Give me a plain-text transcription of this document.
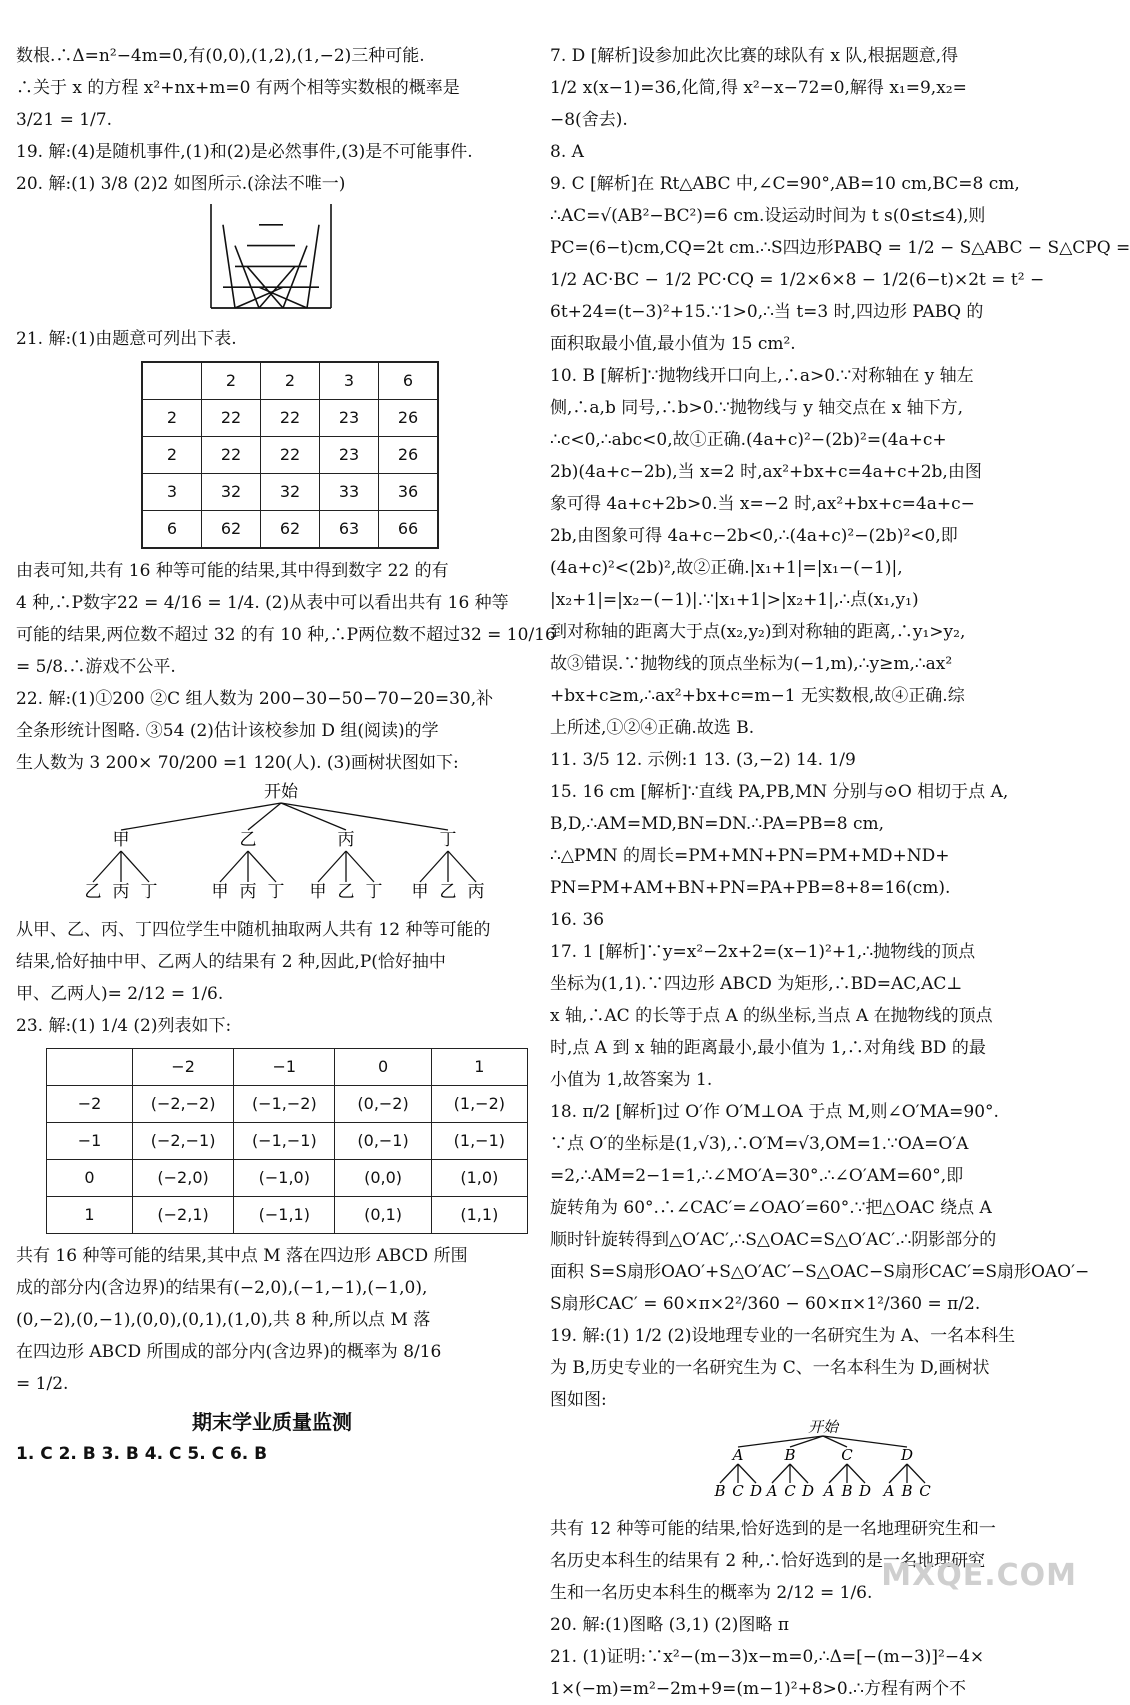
数根.∴Δ=n²−4m=0,有(0,0),(1,2),(1,−2)三种可能.
∴关于 x 的方程 x²+nx+m=0 有两个相等实数根的概率是
3/21 = 1/7.
19. 解:(4)是随机事件,(1)和(2)是必然事件,(3)是不可能事件.
20. 解:(1) 3/8 (2)2 如图所示.(涂法不唯一)
21. 解:(1)由题意可列出下表.
	2	2	3	6
2	22	22	23	26
2	22	22	23	26
3	32	32	33	36
6	62	62	63	66
由表可知,共有 16 种等可能的结果,其中得到数字 22 的有
4 种,∴P数字22 = 4/16 = 1/4. (2)从表中可以看出共有 16 种等
可能的结果,两位数不超过 32 的有 10 种,∴P两位数不超过32 = 10/16
= 5/8.∴游戏不公平.
22. 解:(1)①200 ②C 组人数为 200−30−50−70−20=30,补
全条形统计图略. ③54 (2)估计该校参加 D 组(阅读)的学
生人数为 3 200× 70/200 =1 120(人). (3)画树状图如下:
开始
甲
乙 丙 丁
乙
甲 丙 丁
丙
甲 乙 丁
丁
甲 乙 丙
从甲、乙、丙、丁四位学生中随机抽取两人共有 12 种等可能的
结果,恰好抽中甲、乙两人的结果有 2 种,因此,P(恰好抽中
甲、乙两人)= 2/12 = 1/6.
23. 解:(1) 1/4 (2)列表如下:
	−2	−1	0	1
−2	(−2,−2)	(−1,−2)	(0,−2)	(1,−2)
−1	(−2,−1)	(−1,−1)	(0,−1)	(1,−1)
0	(−2,0)	(−1,0)	(0,0)	(1,0)
1	(−2,1)	(−1,1)	(0,1)	(1,1)
共有 16 种等可能的结果,其中点 M 落在四边形 ABCD 所围
成的部分内(含边界)的结果有(−2,0),(−1,−1),(−1,0),
(0,−2),(0,−1),(0,0),(0,1),(1,0),共 8 种,所以点 M 落
在四边形 ABCD 所围成的部分内(含边界)的概率为 8/16
= 1/2.
期末学业质量监测
1. C 2. B 3. B 4. C 5. C 6. B
7. D [解析]设参加此次比赛的球队有 x 队,根据题意,得
1/2 x(x−1)=36,化简,得 x²−x−72=0,解得 x₁=9,x₂=
−8(舍去).
8. A
9. C [解析]在 Rt△ABC 中,∠C=90°,AB=10 cm,BC=8 cm,
∴AC=√(AB²−BC²)=6 cm.设运动时间为 t s(0≤t≤4),则
PC=(6−t)cm,CQ=2t cm.∴S四边形PABQ = 1/2 − S△ABC − S△CPQ =
1/2 AC·BC − 1/2 PC·CQ = 1/2×6×8 − 1/2(6−t)×2t = t² −
6t+24=(t−3)²+15.∵1>0,∴当 t=3 时,四边形 PABQ 的
面积取最小值,最小值为 15 cm².
10. B [解析]∵抛物线开口向上,∴a>0.∵对称轴在 y 轴左
侧,∴a,b 同号,∴b>0.∵抛物线与 y 轴交点在 x 轴下方,
∴c<0,∴abc<0,故①正确.(4a+c)²−(2b)²=(4a+c+
2b)(4a+c−2b),当 x=2 时,ax²+bx+c=4a+c+2b,由图
象可得 4a+c+2b>0.当 x=−2 时,ax²+bx+c=4a+c−
2b,由图象可得 4a+c−2b<0,∴(4a+c)²−(2b)²<0,即
(4a+c)²<(2b)²,故②正确.|x₁+1|=|x₁−(−1)|,
|x₂+1|=|x₂−(−1)|.∵|x₁+1|>|x₂+1|,∴点(x₁,y₁)
到对称轴的距离大于点(x₂,y₂)到对称轴的距离,∴y₁>y₂,
故③错误.∵抛物线的顶点坐标为(−1,m),∴y≥m,∴ax²
+bx+c≥m,∴ax²+bx+c=m−1 无实数根,故④正确.综
上所述,①②④正确.故选 B.
11. 3/5 12. 示例:1 13. (3,−2) 14. 1/9
15. 16 cm [解析]∵直线 PA,PB,MN 分别与⊙O 相切于点 A,
B,D,∴AM=MD,BN=DN.∴PA=PB=8 cm,
∴△PMN 的周长=PM+MN+PN=PM+MD+ND+
PN=PM+AM+BN+PN=PA+PB=8+8=16(cm).
16. 36
17. 1 [解析]∵y=x²−2x+2=(x−1)²+1,∴抛物线的顶点
坐标为(1,1).∵四边形 ABCD 为矩形,∴BD=AC,AC⊥
x 轴,∴AC 的长等于点 A 的纵坐标,当点 A 在抛物线的顶点
时,点 A 到 x 轴的距离最小,最小值为 1,∴对角线 BD 的最
小值为 1,故答案为 1.
18. π/2 [解析]过 O′作 O′M⊥OA 于点 M,则∠O′MA=90°.
∵点 O′的坐标是(1,√3),∴O′M=√3,OM=1.∵OA=O′A
=2,∴AM=2−1=1,∴∠MO′A=30°.∴∠O′AM=60°,即
旋转角为 60°.∴∠CAC′=∠OAO′=60°.∵把△OAC 绕点 A
顺时针旋转得到△O′AC′,∴S△OAC=S△O′AC′.∴阴影部分的
面积 S=S扇形OAO′+S△O′AC′−S△OAC−S扇形CAC′=S扇形OAO′−
S扇形CAC′ = 60×π×2²/360 − 60×π×1²/360 = π/2.
19. 解:(1) 1/2 (2)设地理专业的一名研究生为 A、一名本科生
为 B,历史专业的一名研究生为 C、一名本科生为 D,画树状
图如图:
开始
A
B C D
B
A C D
C
A B D
D
A B C
共有 12 种等可能的结果,恰好选到的是一名地理研究生和一
名历史本科生的结果有 2 种,∴恰好选到的是一名地理研究
生和一名历史本科生的概率为 2/12 = 1/6.
20. 解:(1)图略 (3,1) (2)图略 π
21. (1)证明:∵x²−(m−3)x−m=0,∴Δ=[−(m−3)]²−4×
1×(−m)=m²−2m+9=(m−1)²+8>0.∴方程有两个不
MXQE.COM
